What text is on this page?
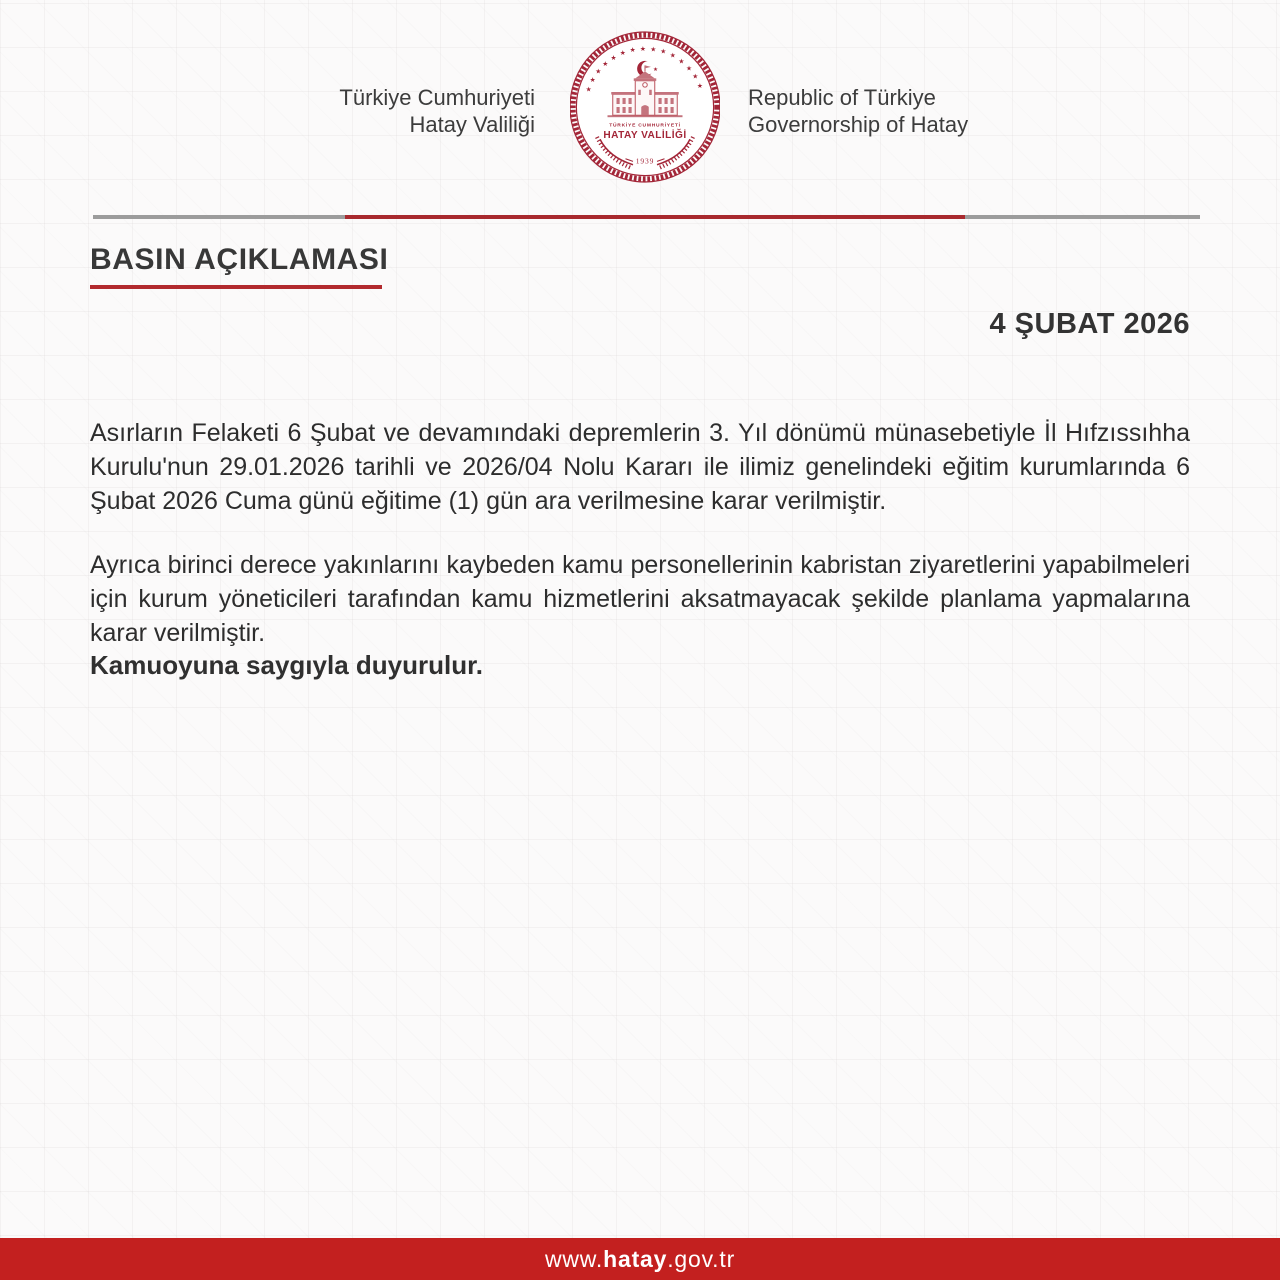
Türkiye Cumhuriyeti
Hatay Valiliği
★
★
★
★
★
★ ★ ★ ★ ★ ★
★
★
★
★
★
TÜRKİYE CUMHURİYETİ
HATAY VALİLİĞİ
1939
Republic of Türkiye
Governorship of Hatay
BASIN AÇIKLAMASI
4 ŞUBAT 2026

Asırların Felaketi 6 Şubat ve devamındaki depremlerin 3. Yıl dönümü münasebetiyle İl Hıfzıssıhha Kurulu'nun 29.01.2026 tarihli ve 2026/04 Nolu Kararı ile ilimiz genelindeki eğitim kurumlarında 6 Şubat 2026 Cuma günü eğitime (1) gün ara verilmesine karar verilmiştir.

Ayrıca birinci derece yakınlarını kaybeden kamu personellerinin kabristan ziyaretlerini yapabilmeleri için kurum yöneticileri tarafından kamu hizmetlerini aksatmayacak şekilde planlama yapmalarına karar verilmiştir.

Kamuoyuna saygıyla duyurulur.
www.hatay.gov.tr
